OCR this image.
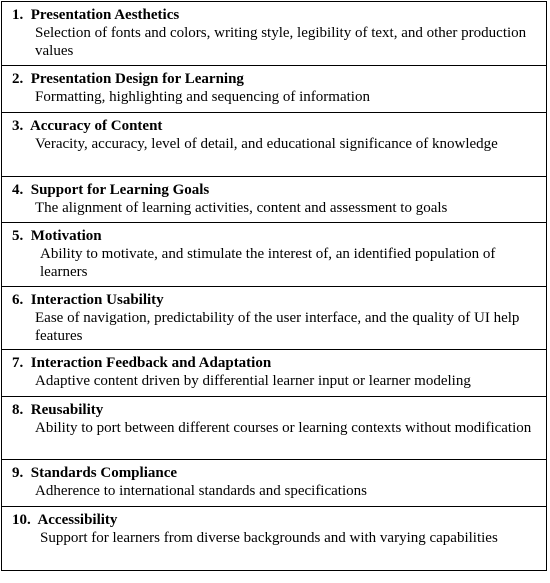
1. Presentation Aesthetics
Selection of fonts and colors, writing style, legibility of text, and other production values
2. Presentation Design for Learning
Formatting, highlighting and sequencing of information
3. Accuracy of Content
Veracity, accuracy, level of detail, and educational significance of knowledge
4. Support for Learning Goals
The alignment of learning activities, content and assessment to goals
5. Motivation
Ability to motivate, and stimulate the interest of, an identified population of learners
6. Interaction Usability
Ease of navigation, predictability of the user interface, and the quality of UI help features
7. Interaction Feedback and Adaptation
Adaptive content driven by differential learner input or learner modeling
8. Reusability
Ability to port between different courses or learning contexts without modification
9. Standards Compliance
Adherence to international standards and specifications
10. Accessibility
Support for learners from diverse backgrounds and with varying capabilities
